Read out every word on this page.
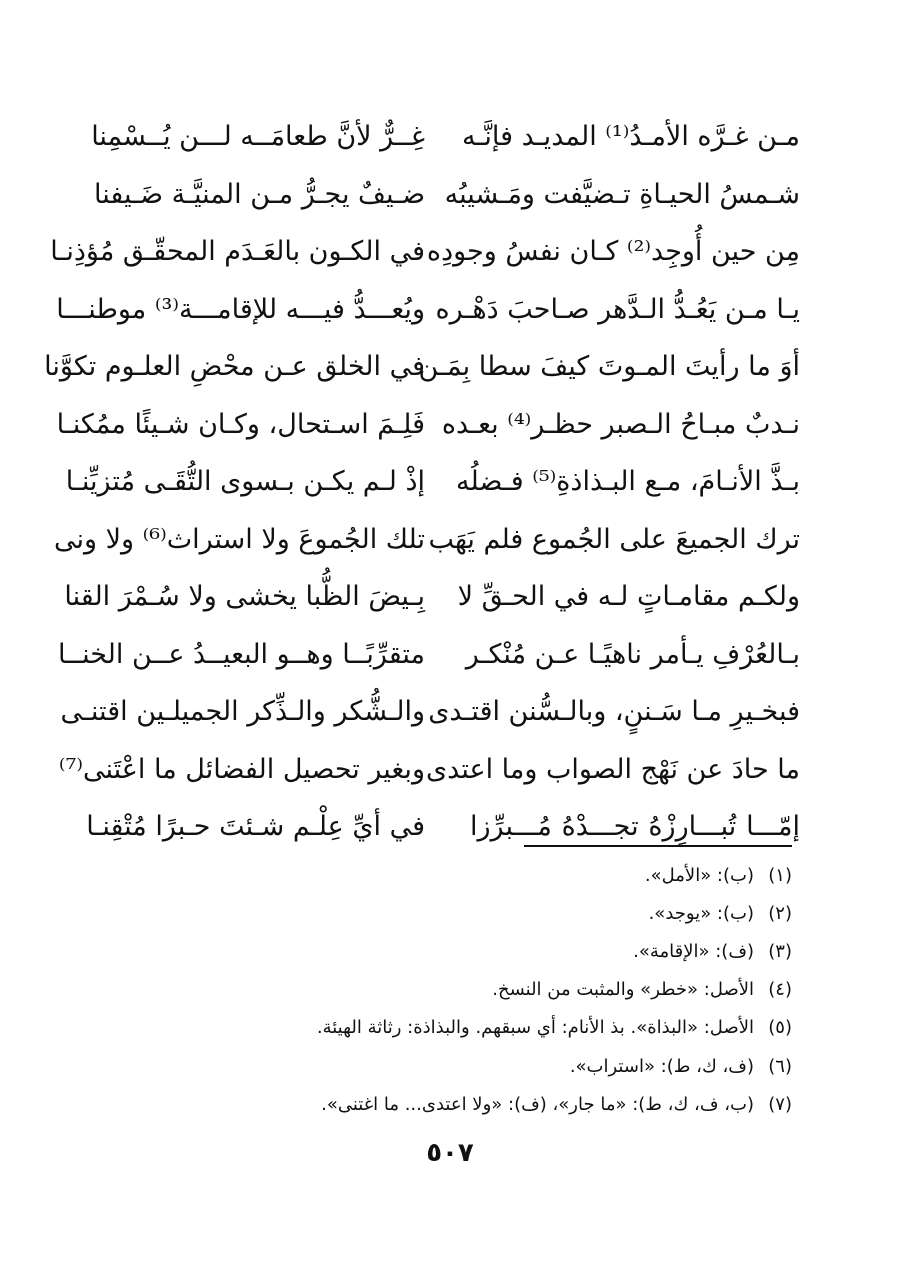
مـن غـرَّه الأمـدُ⁽¹⁾ المديـد فإنَّـه
غِــرٌّ لأنَّ طعامَــه لـــن يُــسْمِنا
شـمسُ الحيـاةِ تـضيَّفت ومَـشيبُه
ضـيفٌ يجـرُّ مـن المنيَّـة ضَـيفنا
مِن حين أُوجِد⁽²⁾ كـان نفسُ وجودِه
في الكـون بالعَـدَم المحقّـق مُؤذِنـا
يـا مـن يَعُـدُّ الـدَّهر صـاحبَ دَهْـره
ويُعـــدُّ فيـــه للإقامـــة⁽³⁾ موطنـــا
أوَ ما رأيتَ المـوتَ كيفَ سطا بِمَـن
في الخلق عـن محْضِ العلـوم تكوَّنا
نـدبٌ مبـاحُ الـصبر حظـر⁽⁴⁾ بعـده
فَلِـمَ اسـتحال، وكـان شـيئًا ممُكنـا
بـذَّ الأنـامَ، مـع البـذاذةِ⁽⁵⁾ فـضلُه
إذْ لـم يكـن بـسوى التُّقَـى مُتزيِّنـا
ترك الجميعَ على الجُموع فلم يَهَب
تلك الجُموعَ ولا استراث⁽⁶⁾ ولا ونى
ولكـم مقامـاتٍ لـه في الحـقِّ لا
بِـيضَ الظُّبا يخشى ولا سُـمْرَ القنا
بـالعُرْفِ يـأمر ناهيًـا عـن مُنْكـر
متقرِّبًــا وهــو البعيــدُ عــن الخنــا
فبخـيرِ مـا سَـننٍ، وبالـسُّنن اقتـدى
والـشُّكر والـذِّكر الجميلـين اقتنـى
ما حادَ عن نَهْج الصواب وما اعتدى
وبغير تحصيل الفضائل ما اعْتَنى⁽⁷⁾
إمّـــا تُبـــارِزْهُ تجـــدْهُ مُـــبرِّزا
في أيِّ عِلْـم شـئتَ حـبرًا مُتْقِنـا
(١)
(ب): «الأمل».
(٢)
(ب): «يوجد».
(٣)
(ف): «الإقامة».
(٤)
الأصل: «خطر» والمثبت من النسخ.
(٥)
الأصل: «البذاة». بذ الأنام: أي سبقهم. والبذاذة: رثاثة الهيئة.
(٦)
(ف، ك، ط): «استراب».
(٧)
(ب، ف، ك، ط): «ما جار»، (ف): «ولا اعتدى... ما اغتنى».
٥٠٧
